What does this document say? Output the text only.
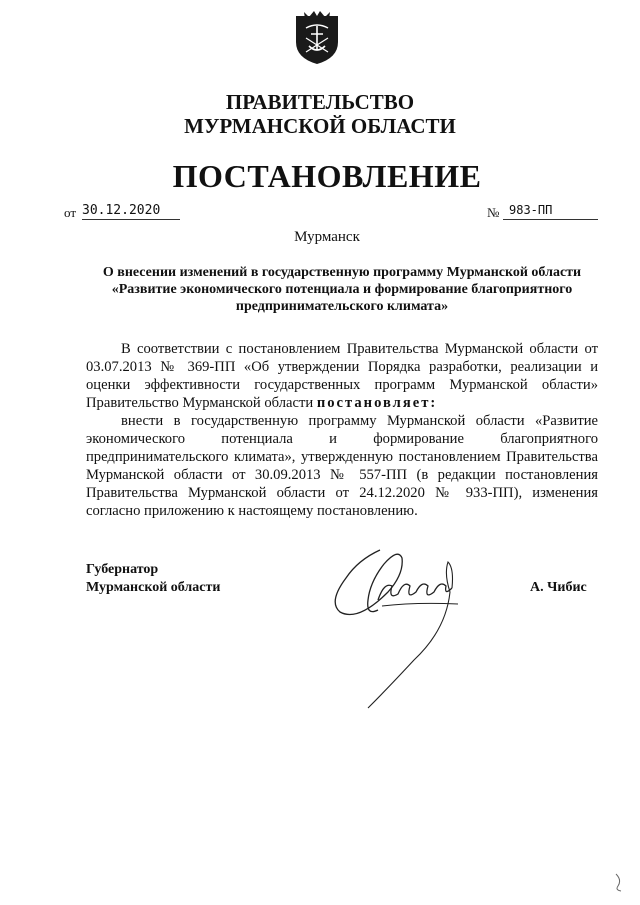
ПРАВИТЕЛЬСТВО
МУРМАНСКОЙ ОБЛАСТИ
ПОСТАНОВЛЕНИЕ
от 30.12.2020	№ 983-ПП
Мурманск
О внесении изменений в государственную программу Мурманской области
«Развитие экономического потенциала и формирование благоприятного
предпринимательского климата»

В соответствии с постановлением Правительства Мурманской области от 03.07.2013 № 369-ПП «Об утверждении Порядка разработки, реализации и оценки эффективности государственных программ Мурманской области» Правительство Мурманской области постановляет:

внести в государственную программу Мурманской области «Развитие экономического потенциала и формирование благоприятного предпринимательского климата», утвержденную постановлением Правительства Мурманской области от 30.09.2013 № 557-ПП (в редакции постановления Правительства Мурманской области от 24.12.2020 № 933-ПП), изменения согласно приложению к настоящему постановлению.

Губернатор
Мурманской области	А. Чибис
